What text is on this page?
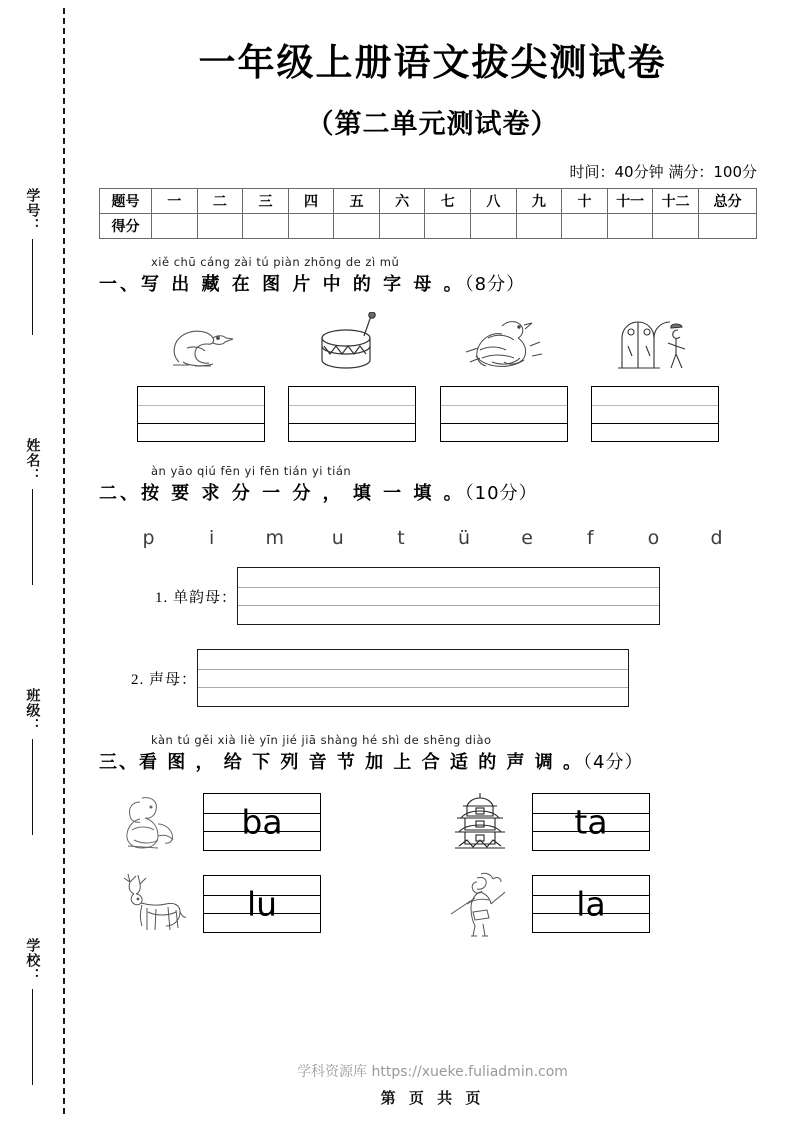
学号：
姓名：
班级：
学校：
一年级上册语文拔尖测试卷
（第二单元测试卷）
时间：40分钟 满分：100分
题号	一	二	三	四	五	六	七	八	九	十	十一	十二	总分
得分													
xiě chū cáng zài tú piàn zhōng de zì mǔ
一、写 出 藏 在 图 片 中 的 字 母 。（8分）
àn yāo qiú fēn yi fēn tián yi tián
二、按 要 求 分 一 分 ， 填 一 填 。（10分）
p	i	m	u	t	ü	e	f	o	d
1. 单韵母：
2. 声母：
kàn tú gěi xià liè yīn jié jiā shàng hé shì de shēng diào
三、看 图 ， 给 下 列 音 节 加 上 合 适 的 声 调 。（4分）
ba	ta
lu	la
学科资源库 https://xueke.fuliadmin.com
第 页 共 页
